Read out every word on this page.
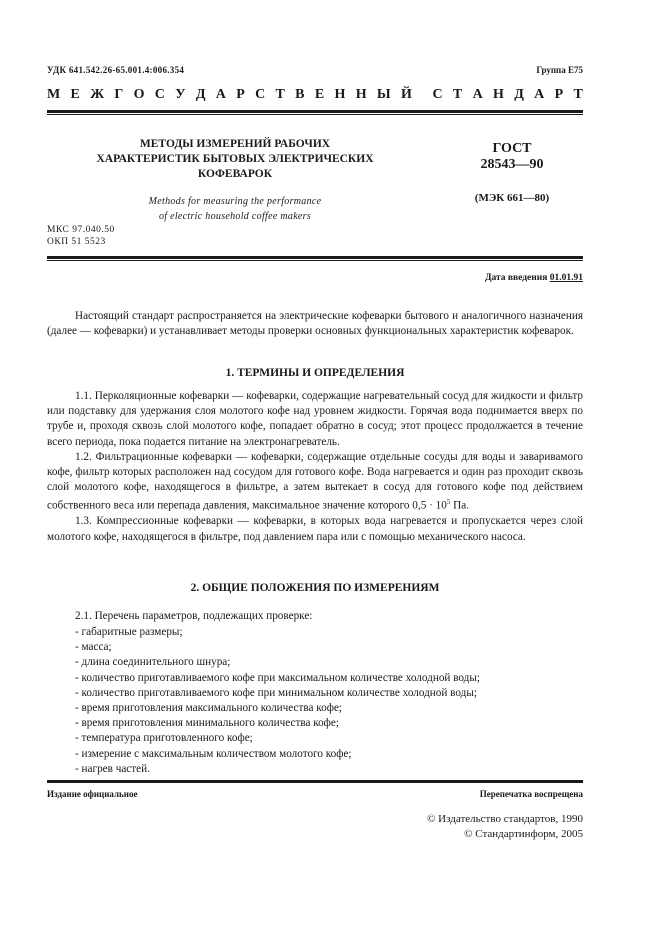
УДК 641.542.26-65.001.4:006.354	Группа Е75
М Е Ж Г О С У Д А Р С Т В Е Н Н Ы Й С Т А Н Д А Р Т
МЕТОДЫ ИЗМЕРЕНИЙ РАБОЧИХ
ХАРАКТЕРИСТИК БЫТОВЫХ ЭЛЕКТРИЧЕСКИХ
КОФЕВАРОК
Methods for measuring the performance
of electric household coffee makers
ГОСТ
28543—90
(МЭК 661—80)
МКС 97.040.50
ОКП 51 5523
Дата введения 01.01.91

Настоящий стандарт распространяется на электрические кофеварки бытового и аналогичного назначения (далее — кофеварки) и устанавливает методы проверки основных функциональных характеристик кофеварок.

1. ТЕРМИНЫ И ОПРЕДЕЛЕНИЯ

1.1. Перколяционные кофеварки — кофеварки, содержащие нагревательный сосуд для жидкости и фильтр или подставку для удержания слоя молотого кофе над уровнем жидкости. Горячая вода поднимается вверх по трубе и, проходя сквозь слой молотого кофе, попадает обратно в сосуд; этот процесс продолжается в течение всего периода, пока подается питание на электронагреватель.

1.2. Фильтрационные кофеварки — кофеварки, содержащие отдельные сосуды для воды и заваривамого кофе, фильтр которых расположен над сосудом для готового кофе. Вода нагревается и один раз проходит сквозь слой молотого кофе, находящегося в фильтре, а затем вытекает в сосуд для готового кофе под действием собственного веса или перепада давления, максимальное значение которого $0,5 \cdot 10^5$ Па.

1.3. Компрессионные кофеварки — кофеварки, в которых вода нагревается и пропускается через слой молотого кофе, находящегося в фильтре, под давлением пара или с помощью механического насоса.

2. ОБЩИЕ ПОЛОЖЕНИЯ ПО ИЗМЕРЕНИЯМ
2.1. Перечень параметров, подлежащих проверке:
- габаритные размеры;
- масса;
- длина соединительного шнура;
- количество приготавливаемого кофе при максимальном количестве холодной воды;
- количество приготавливаемого кофе при минимальном количестве холодной воды;
- время приготовления максимального количества кофе;
- время приготовления минимального количества кофе;
- температура приготовленного кофе;
- измерение с максимальным количеством молотого кофе;
- нагрев частей.
Издание официальное	Перепечатка воспрещена
© Издательство стандартов, 1990
© Стандартинформ, 2005
